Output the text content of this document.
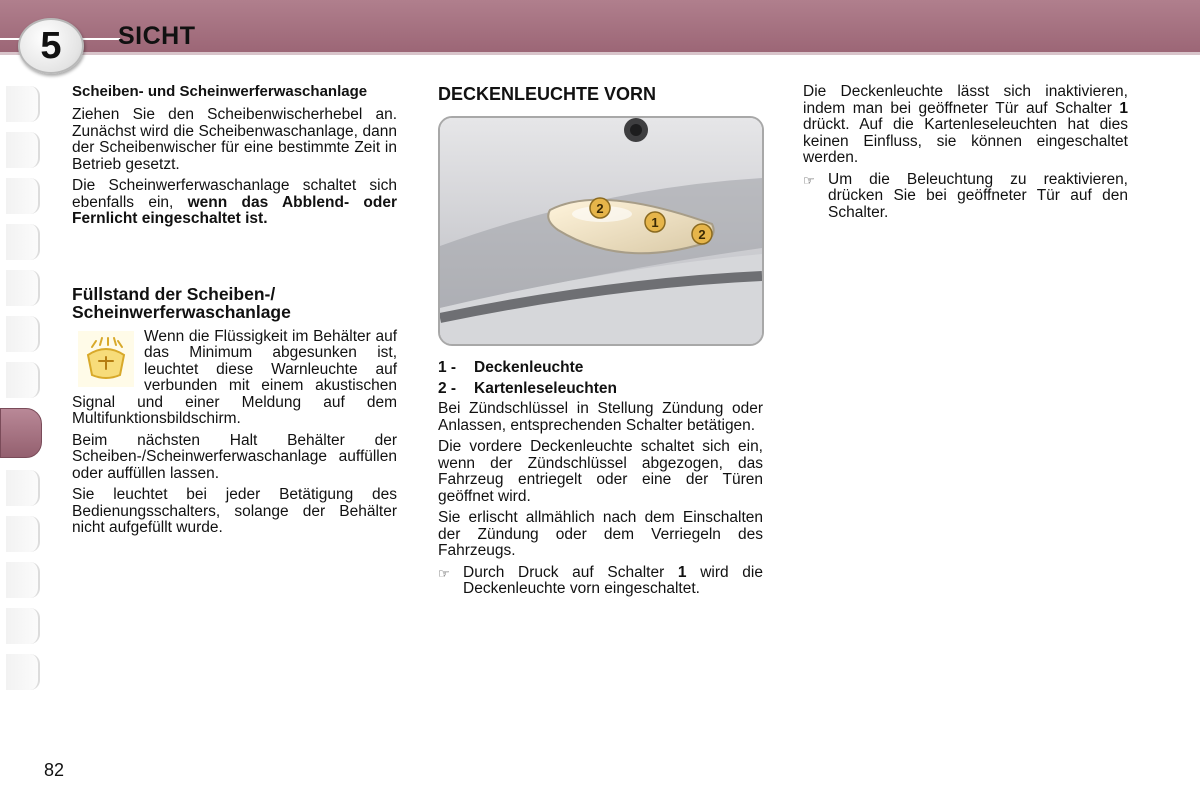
5	SICHT
Scheiben- und Scheinwerferwaschanlage

Ziehen Sie den Scheibenwischerhebel an. Zunächst wird die Scheibenwaschanlage, dann der Scheibenwischer für eine bestimmte Zeit in Betrieb gesetzt.

Die Scheinwerferwaschanlage schaltet sich ebenfalls ein, wenn das Abblend- oder Fernlicht eingeschaltet ist.

Füllstand der Scheiben-/ Scheinwerferwaschanlage

Wenn die Flüssigkeit im Behälter auf das Minimum abgesunken ist, leuchtet diese Warnleuchte auf verbunden mit einem akustischen Signal und einer Meldung auf dem Multifunktionsbildschirm.

Beim nächsten Halt Behälter der Scheiben-/Scheinwerferwaschanlage auffüllen oder auffüllen lassen.

Sie leuchtet bei jeder Betätigung des Bedienungsschalters, solange der Behälter nicht aufgefüllt wurde.

DECKENLEUCHTE VORN
2
1
2
1 -	Deckenleuchte
2 -	Kartenleseleuchten

Bei Zündschlüssel in Stellung Zündung oder Anlassen, entsprechenden Schalter betätigen.

Die vordere Deckenleuchte schaltet sich ein, wenn der Zündschlüssel abgezogen, das Fahrzeug entriegelt oder eine der Türen geöffnet wird.

Sie erlischt allmählich nach dem Einschalten der Zündung oder dem Verriegeln des Fahrzeugs.

☞ Durch Druck auf Schalter 1 wird die Deckenleuchte vorn eingeschaltet.

Die Deckenleuchte lässt sich inaktivieren, indem man bei geöffneter Tür auf Schalter 1 drückt. Auf die Kartenleseleuchten hat dies keinen Einfluss, sie können eingeschaltet werden.

☞ Um die Beleuchtung zu reaktivieren, drücken Sie bei geöffneter Tür auf den Schalter.
82
